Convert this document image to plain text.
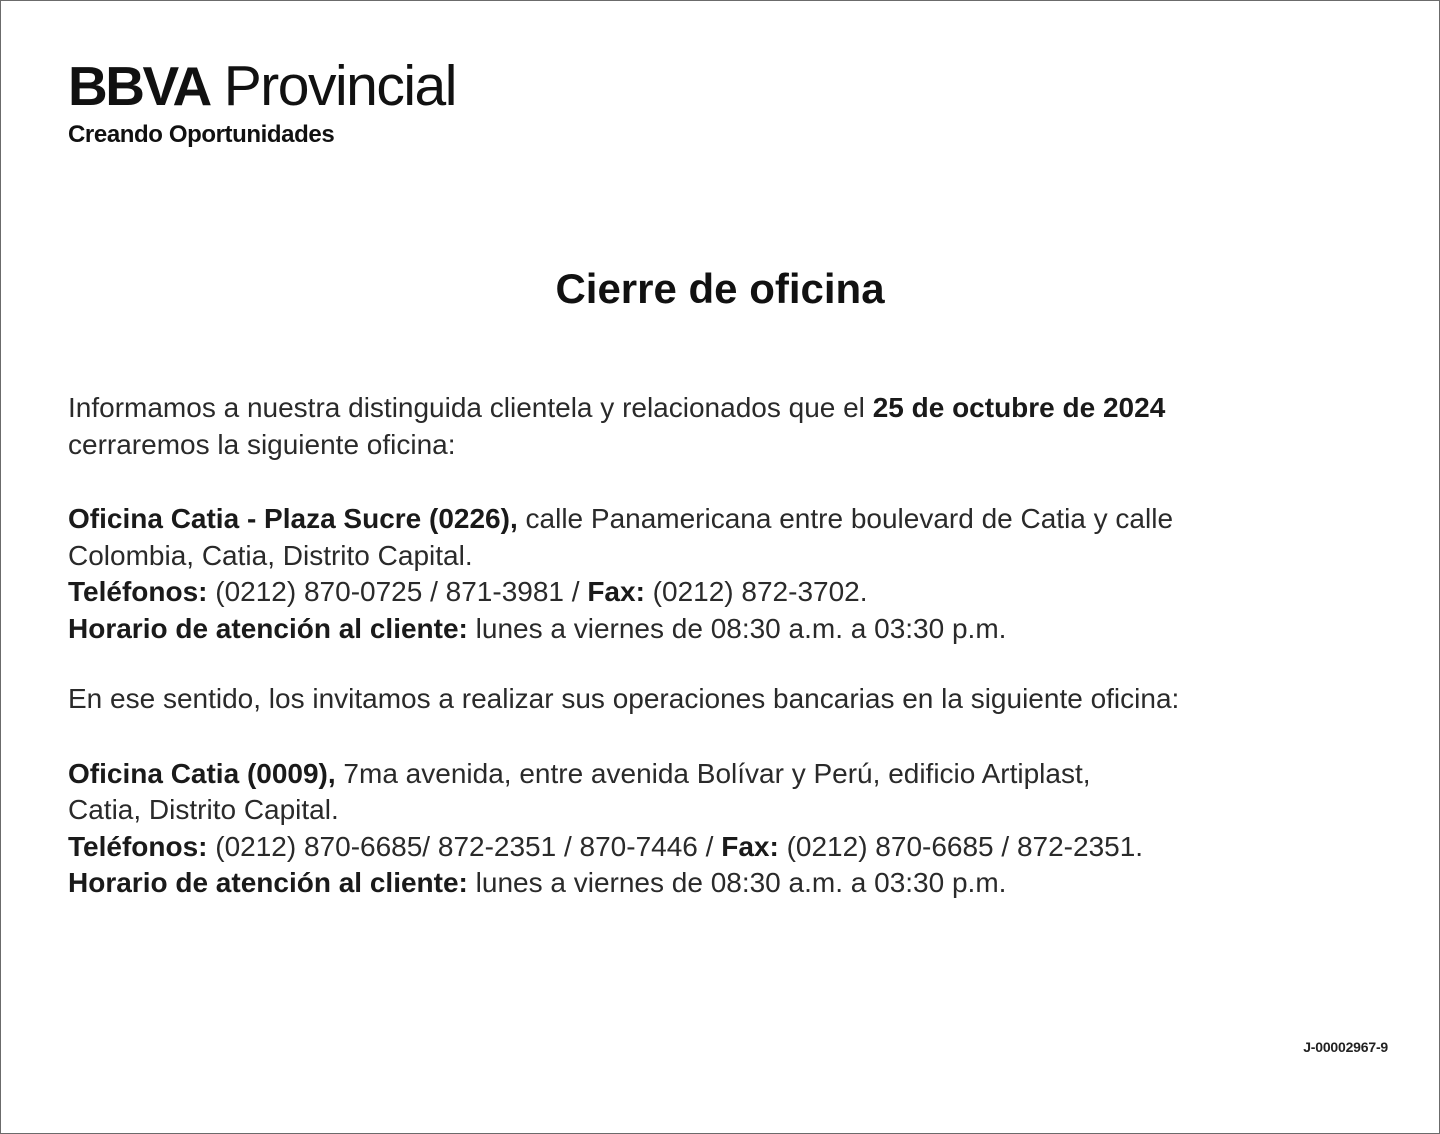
BBVA Provincial
Creando Oportunidades
Cierre de oficina

Informamos a nuestra distinguida clientela y relacionados que el 25 de octubre de 2024
cerraremos la siguiente oficina:

Oficina Catia - Plaza Sucre (0226), calle Panamericana entre boulevard de Catia y calle
Colombia, Catia, Distrito Capital.
Teléfonos: (0212) 870-0725 / 871-3981 / Fax: (0212) 872-3702.
Horario de atención al cliente: lunes a viernes de 08:30 a.m. a 03:30 p.m.

En ese sentido, los invitamos a realizar sus operaciones bancarias en la siguiente oficina:

Oficina Catia (0009), 7ma avenida, entre avenida Bolívar y Perú, edificio Artiplast,
Catia, Distrito Capital.
Teléfonos: (0212) 870-6685/ 872-2351 / 870-7446 / Fax: (0212) 870-6685 / 872-2351.
Horario de atención al cliente: lunes a viernes de 08:30 a.m. a 03:30 p.m.

J-00002967-9
